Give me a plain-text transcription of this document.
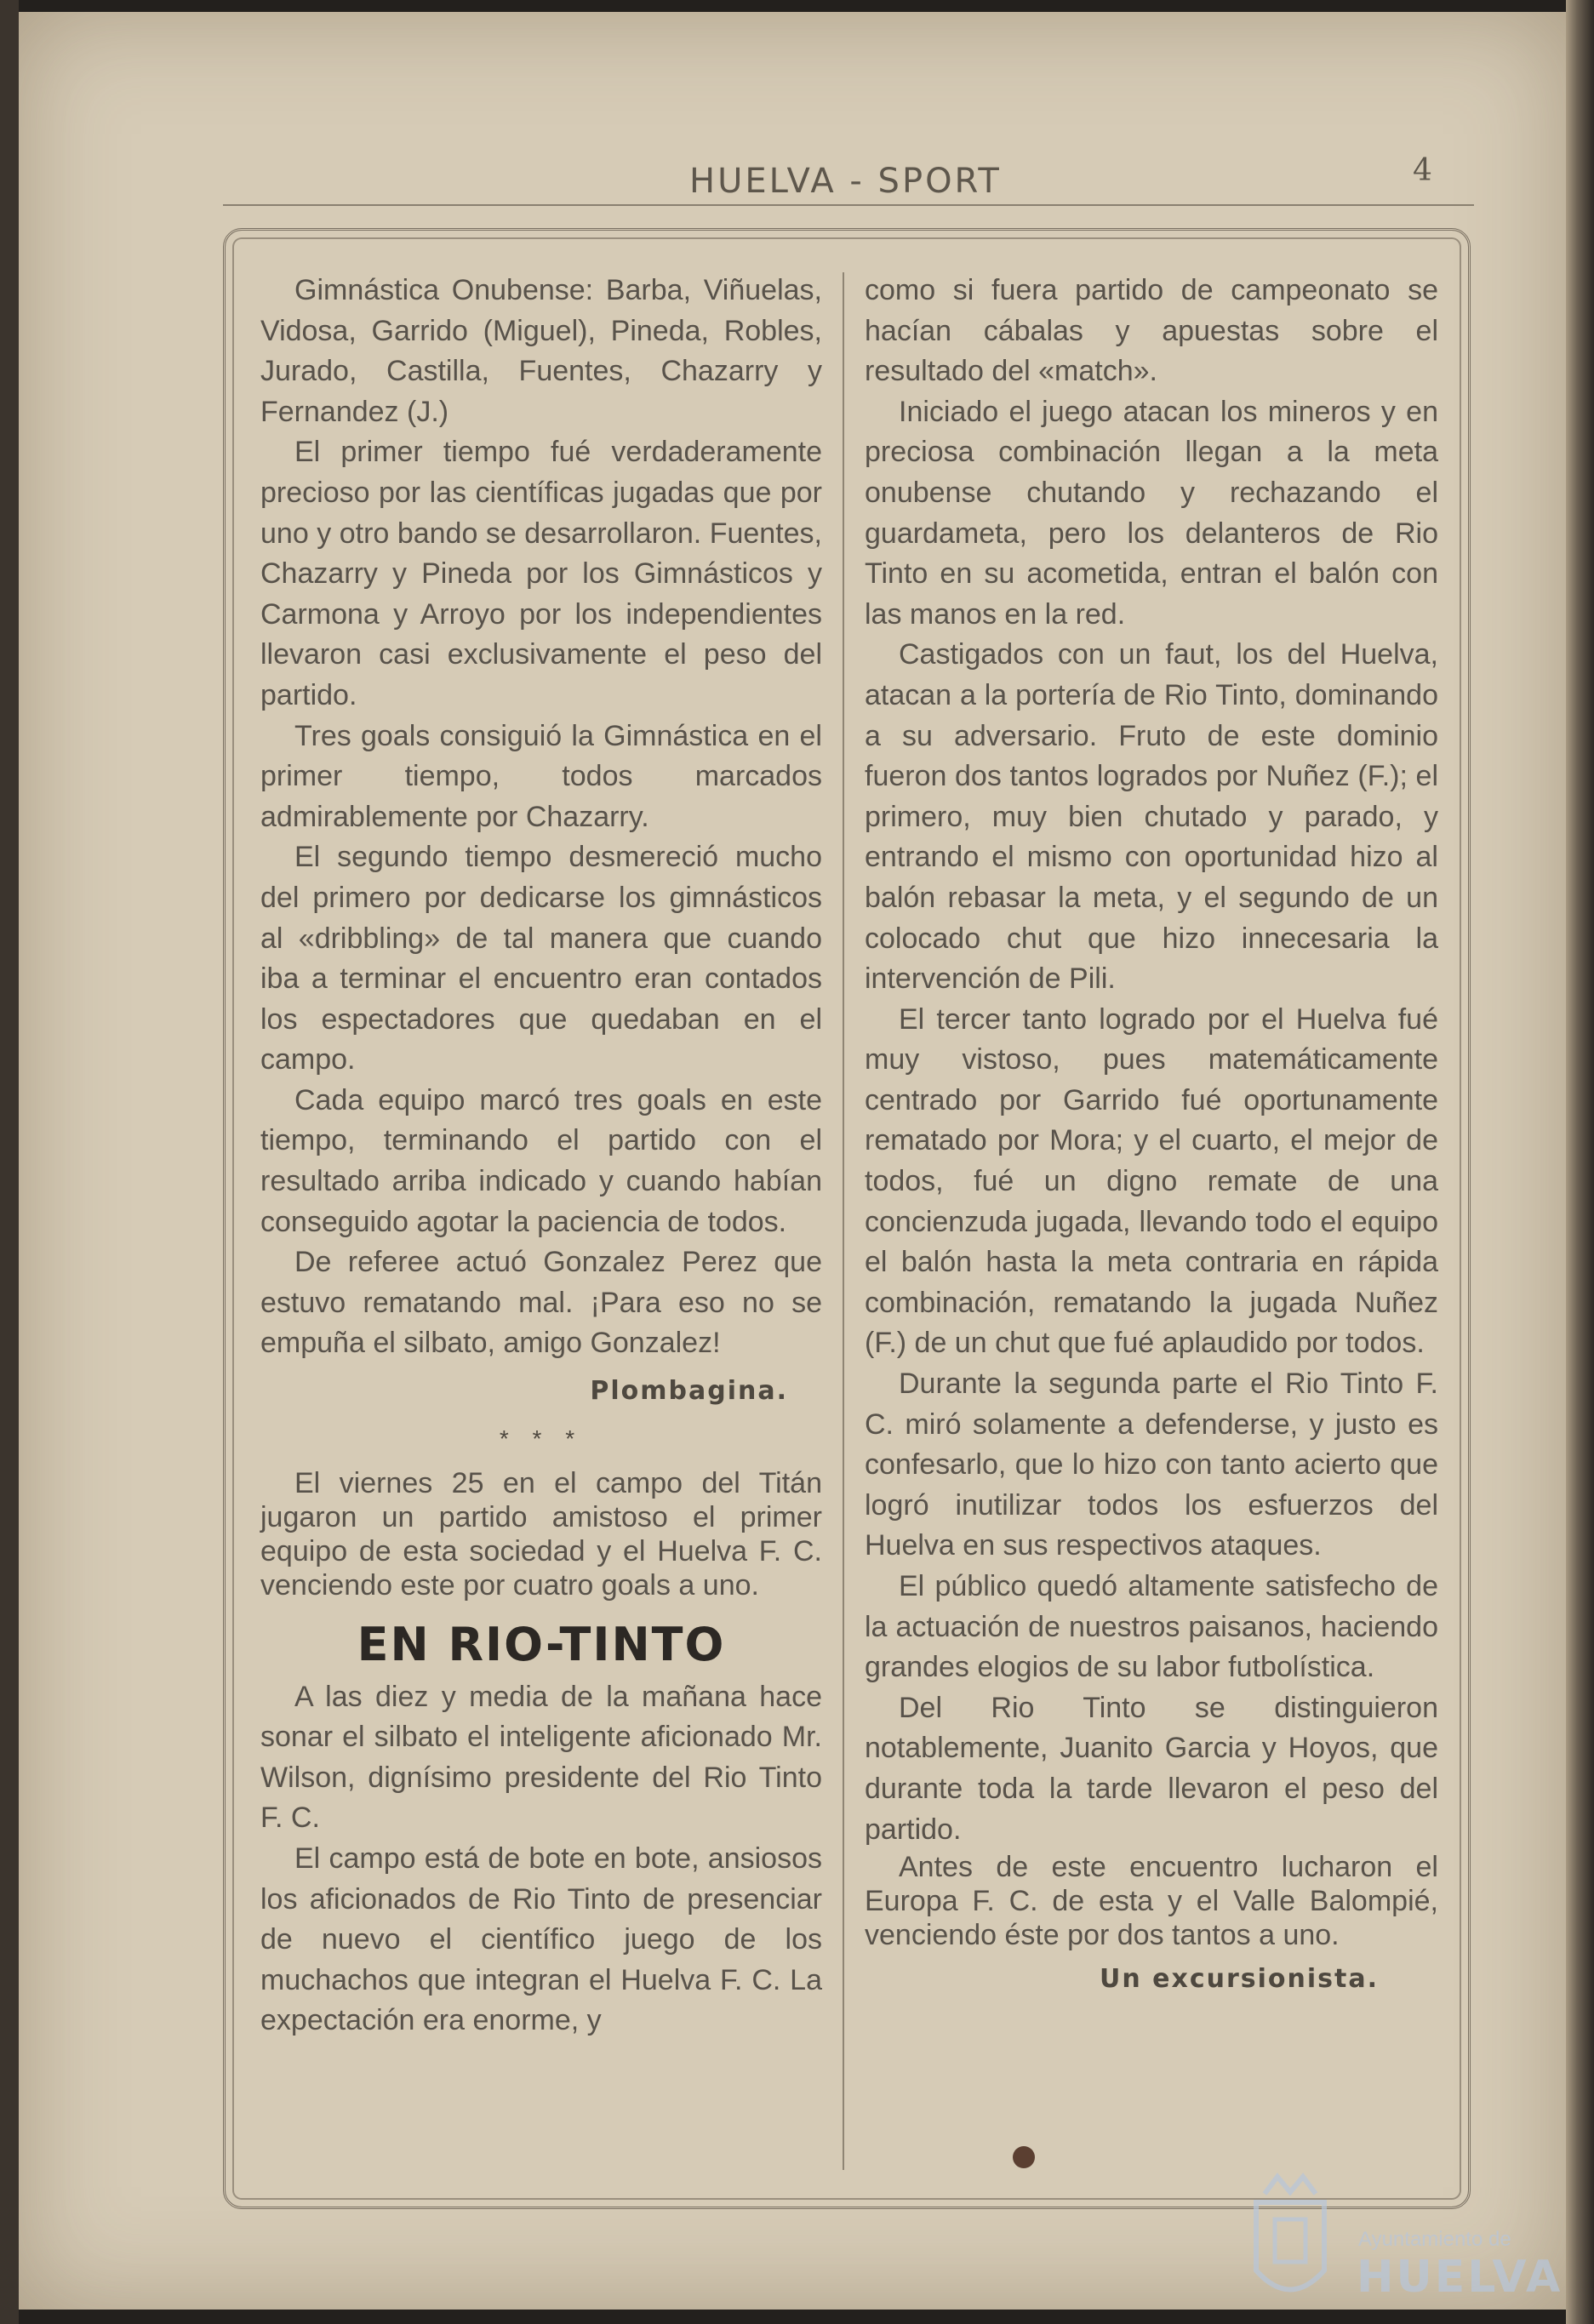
HUELVA - SPORT	4

Gimnástica Onubense: Barba, Viñuelas, Vidosa, Garrido (Miguel), Pineda, Robles, Jurado, Castilla, Fuentes, Chazarry y Fernandez (J.)

El primer tiempo fué verdaderamente precioso por las científicas jugadas que por uno y otro bando se desarrollaron. Fuentes, Chazarry y Pineda por los Gimnásticos y Carmona y Arroyo por los independientes llevaron casi exclusivamente el peso del partido.

Tres goals consiguió la Gimnástica en el primer tiempo, todos marcados admirablemente por Chazarry.

El segundo tiempo desmereció mucho del primero por dedicarse los gimnásticos al «dribbling» de tal manera que cuando iba a terminar el encuentro eran contados los espectadores que quedaban en el campo.

Cada equipo marcó tres goals en este tiempo, terminando el partido con el resultado arriba indicado y cuando habían conseguido agotar la paciencia de todos.

De referee actuó Gonzalez Perez que estuvo rematando mal. ¡Para eso no se empuña el silbato, amigo Gonzalez!

Plombagina.
* * *

El viernes 25 en el campo del Titán jugaron un partido amistoso el primer equipo de esta sociedad y el Huelva F. C. venciendo este por cuatro goals a uno.

EN RIO-TINTO

A las diez y media de la mañana hace sonar el silbato el inteligente aficionado Mr. Wilson, dignísimo presidente del Rio Tinto F. C.

El campo está de bote en bote, ansiosos los aficionados de Rio Tinto de presenciar de nuevo el científico juego de los muchachos que integran el Huelva F. C. La expectación era enorme, y

como si fuera partido de campeonato se hacían cábalas y apuestas sobre el resultado del «match».

Iniciado el juego atacan los mineros y en preciosa combinación llegan a la meta onubense chutando y rechazando el guardameta, pero los delanteros de Rio Tinto en su acometida, entran el balón con las manos en la red.

Castigados con un faut, los del Huelva, atacan a la portería de Rio Tinto, dominando a su adversario. Fruto de este dominio fueron dos tantos logrados por Nuñez (F.); el primero, muy bien chutado y parado, y entrando el mismo con oportunidad hizo al balón rebasar la meta, y el segundo de un colocado chut que hizo innecesaria la intervención de Pili.

El tercer tanto logrado por el Huelva fué muy vistoso, pues matemáticamente centrado por Garrido fué oportunamente rematado por Mora; y el cuarto, el mejor de todos, fué un digno remate de una concienzuda jugada, llevando todo el equipo el balón hasta la meta contraria en rápida combinación, rematando la jugada Nuñez (F.) de un chut que fué aplaudido por todos.

Durante la segunda parte el Rio Tinto F. C. miró solamente a defenderse, y justo es confesarlo, que lo hizo con tanto acierto que logró inutilizar todos los esfuerzos del Huelva en sus respectivos ataques.

El público quedó altamente satisfecho de la actuación de nuestros paisanos, haciendo grandes elogios de su labor futbolística.

Del Rio Tinto se distinguieron notablemente, Juanito Garcia y Hoyos, que durante toda la tarde llevaron el peso del partido.

Antes de este encuentro lucharon el Europa F. C. de esta y el Valle Balompié, venciendo éste por dos tantos a uno.

Un excursionista.
Ayuntamiento de
HUELVA
